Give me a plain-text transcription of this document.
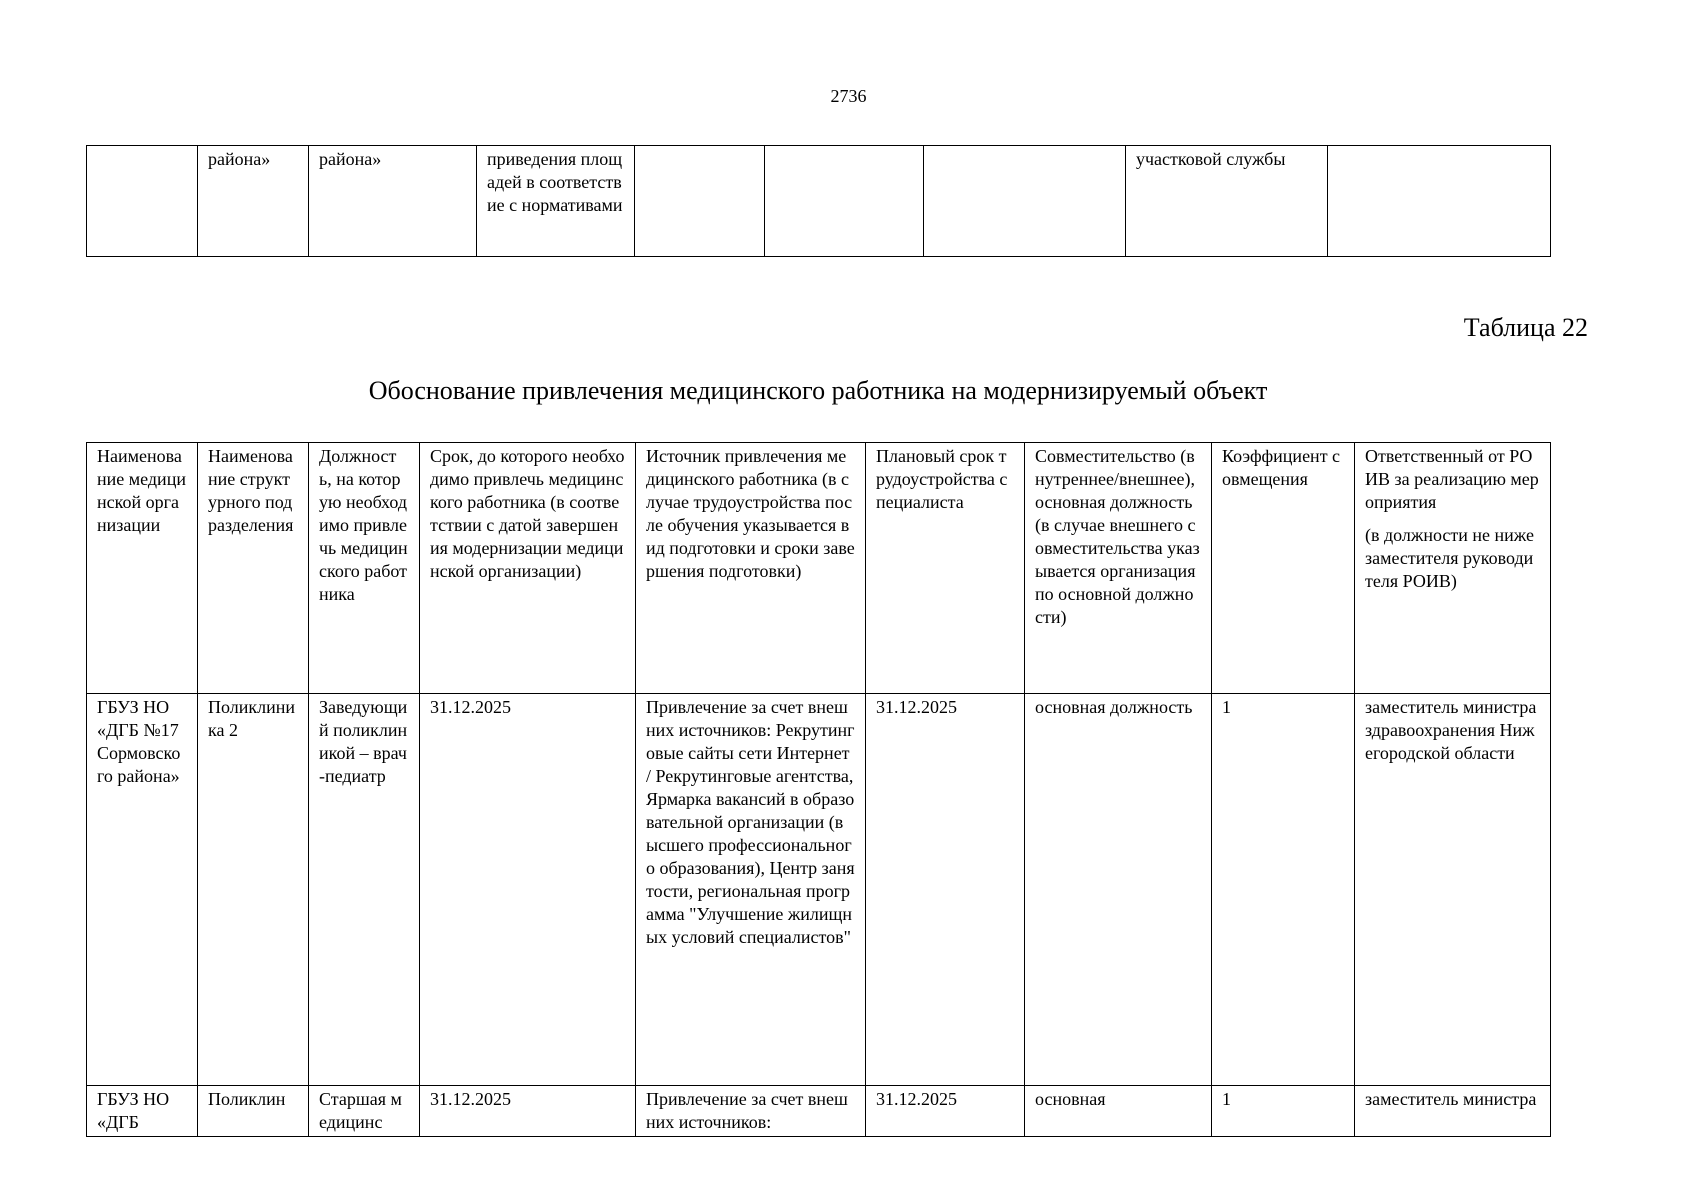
2736
	района»	района»	приведения площадей в соответствие с нормативами				участковой службы	
Таблица 22
Обоснование привлечения медицинского работника на модернизируемый объект
Наименование медицинской организации	Наименование структурного подразделения	Должность, на которую необходимо привлечь медицинского работника	Срок, до которого необходимо привлечь медицинского работника (в соответствии с датой завершения модернизации медицинской организации)	Источник привлечения медицинского работника (в случае трудоустройства после обучения указывается вид подготовки и сроки завершения подготовки)	Плановый срок трудоустройства специалиста	Совместительство (внутреннее/внешнее), основная должность (в случае внешнего совместительства указывается организация по основной должности)	Коэффициент совмещения	Ответственный от РОИВ за реализацию мероприятия
(в должности не ниже заместителя руководителя РОИВ)

ГБУЗ НО «ДГБ №17 Сормовского района»	Поликлиника 2	Заведующий поликлиникой – врач-педиатр	31.12.2025	Привлечение за счет внешних источников: Рекрутинговые сайты сети Интернет / Рекрутинговые агентства, Ярмарка вакансий в образовательной организации (высшего профессионального образования), Центр занятости, региональная программа "Улучшение жилищных условий специалистов"	31.12.2025	основная должность	1	заместитель министра здравоохранения Нижегородской области
ГБУЗ НО «ДГБ	Поликлин	Старшая медицинс	31.12.2025	Привлечение за счет внешних источников:	31.12.2025	основная	1	заместитель министра
